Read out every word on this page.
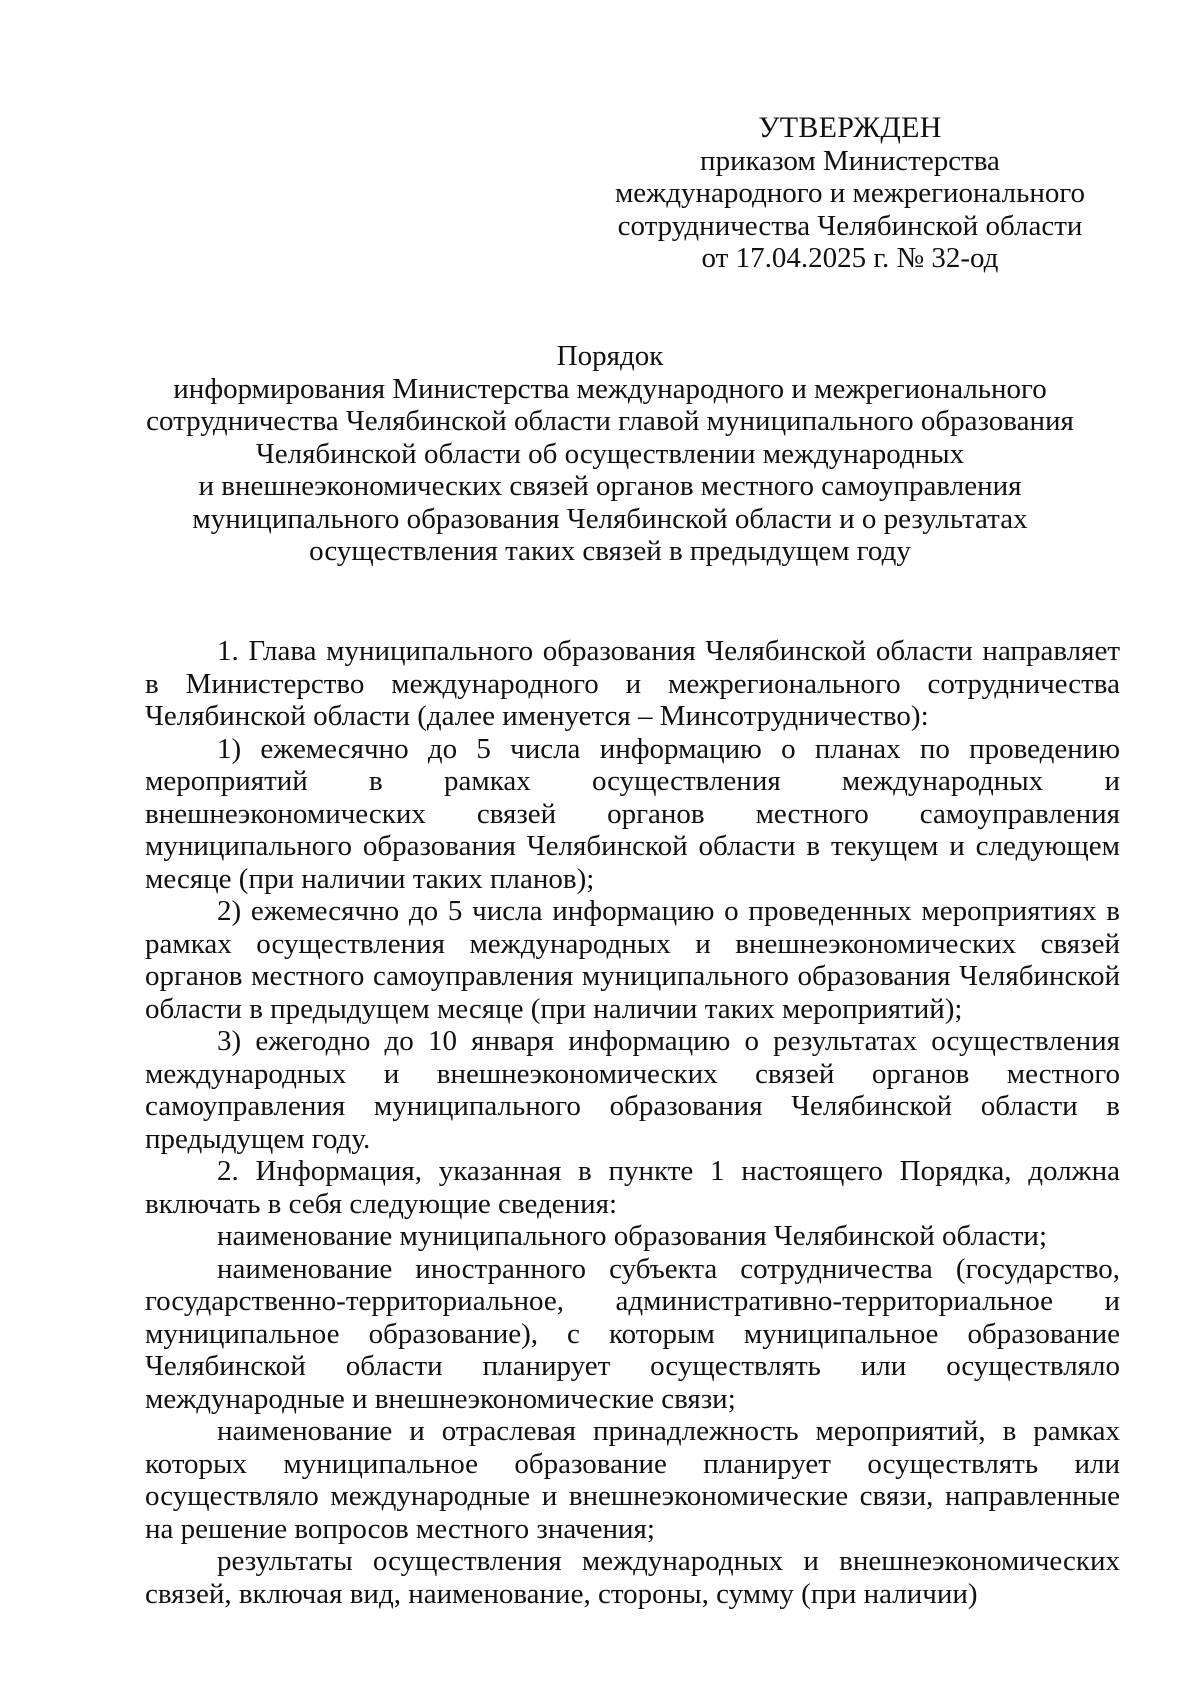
УТВЕРЖДЕН
приказом Министерства
международного и межрегионального
сотрудничества Челябинской области
от 17.04.2025 г. № 32-од
Порядок
информирования Министерства международного и межрегионального
сотрудничества Челябинской области главой муниципального образования
Челябинской области об осуществлении международных
и внешнеэкономических связей органов местного самоуправления
муниципального образования Челябинской области и о результатах
осуществления таких связей в предыдущем году

1. Глава муниципального образования Челябинской области направляет в Министерство международного и межрегионального сотрудничества Челябинской области (далее именуется – Минсотрудничество):

1) ежемесячно до 5 числа информацию о планах по проведению мероприятий в рамках осуществления международных и внешнеэкономических связей органов местного самоуправления муниципального образования Челябинской области в текущем и следующем месяце (при наличии таких планов);

2) ежемесячно до 5 числа информацию о проведенных мероприятиях в рамках осуществления международных и внешнеэкономических связей органов местного самоуправления муниципального образования Челябинской области в предыдущем месяце (при наличии таких мероприятий);

3) ежегодно до 10 января информацию о результатах осуществления международных и внешнеэкономических связей органов местного самоуправления муниципального образования Челябинской области в предыдущем году.

2. Информация, указанная в пункте 1 настоящего Порядка, должна включать в себя следующие сведения:

наименование муниципального образования Челябинской области;

наименование иностранного субъекта сотрудничества (государство, государственно-территориальное, административно-территориальное и муниципальное образование), с которым муниципальное образование Челябинской области планирует осуществлять или осуществляло международные и внешнеэкономические связи;

наименование и отраслевая принадлежность мероприятий, в рамках которых муниципальное образование планирует осуществлять или осуществляло международные и внешнеэкономические связи, направленные на решение вопросов местного значения;

результаты осуществления международных и внешнеэкономических связей, включая вид, наименование, стороны, сумму (при наличии)
